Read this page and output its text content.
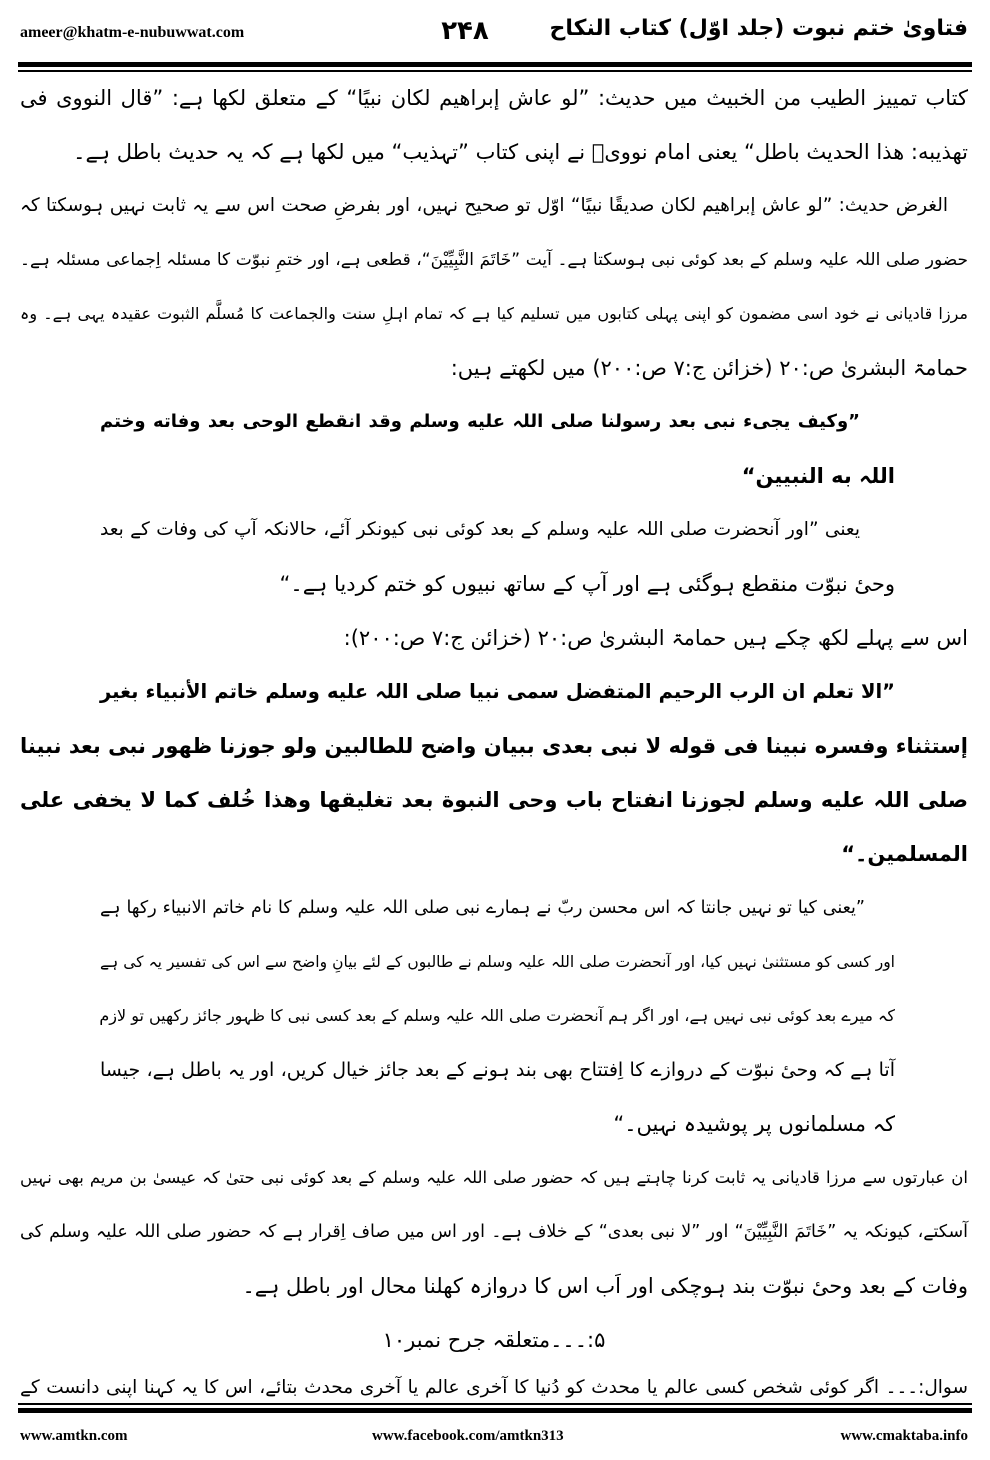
ameer@khatm-e-nubuwwat.com	۲۴۸	فتاویٰ ختم نبوت (جلد اوّل) کتاب النکاح
کتاب تمییز الطیب من الخبیث میں حدیث: ”لو عاش إبراهیم لکان نبیًا“ کے متعلق لکھا ہے: ”قال النووی فی
تهذیبه: هذا الحدیث باطل“ یعنی امام نوویؒ نے اپنی کتاب ”تہذیب“ میں لکھا ہے کہ یہ حدیث باطل ہے۔
الغرض حدیث: ”لو عاش إبراهیم لکان صدیقًا نبیًا“ اوّل تو صحیح نہیں، اور بفرضِ صحت اس سے یہ ثابت نہیں ہوسکتا کہ
حضور صلی اللہ علیہ وسلم کے بعد کوئی نبی ہوسکتا ہے۔ آیت ”خَاتَمَ النَّبِیِّیْنَ“، قطعی ہے، اور ختمِ نبوّت کا مسئلہ اِجماعی مسئلہ ہے۔
مرزا قادیانی نے خود اسی مضمون کو اپنی پہلی کتابوں میں تسلیم کیا ہے کہ تمام اہلِ سنت والجماعت کا مُسلَّم الثبوت عقیدہ یہی ہے۔ وہ
حمامۃ البشریٰ ص:۲۰ (خزائن ج:۷ ص:۲۰۰) میں لکھتے ہیں:
”وکیف یجیء نبی بعد رسولنا صلی اللہ علیه وسلم وقد انقطع الوحی بعد وفاته وختم
اللہ به النبیین“
یعنی ”اور آنحضرت صلی اللہ علیہ وسلم کے بعد کوئی نبی کیونکر آئے، حالانکہ آپ کی وفات کے بعد
وحیٔ نبوّت منقطع ہوگئی ہے اور آپ کے ساتھ نبیوں کو ختم کردیا ہے۔“
اس سے پہلے لکھ چکے ہیں حمامۃ البشریٰ ص:۲۰ (خزائن ج:۷ ص:۲۰۰):
”الا تعلم ان الرب الرحیم المتفضل سمی نبیا صلی اللہ علیه وسلم خاتم الأنبیاء بغیر
إستثناء وفسره نبینا فی قوله لا نبی بعدی ببیان واضح للطالبین ولو جوزنا ظهور نبی بعد نبینا
صلی اللہ علیه وسلم لجوزنا انفتاح باب وحی النبوة بعد تغلیقها وهذا خُلف کما لا یخفی علی
المسلمین۔“
”یعنی کیا تو نہیں جانتا کہ اس محسن ربّ نے ہمارے نبی صلی اللہ علیہ وسلم کا نام خاتم الانبیاء رکھا ہے
اور کسی کو مستثنیٰ نہیں کیا، اور آنحضرت صلی اللہ علیہ وسلم نے طالبوں کے لئے بیانِ واضح سے اس کی تفسیر یہ کی ہے
کہ میرے بعد کوئی نبی نہیں ہے، اور اگر ہم آنحضرت صلی اللہ علیہ وسلم کے بعد کسی نبی کا ظہور جائز رکھیں تو لازم
آتا ہے کہ وحیٔ نبوّت کے دروازے کا اِفتتاح بھی بند ہونے کے بعد جائز خیال کریں، اور یہ باطل ہے، جیسا
کہ مسلمانوں پر پوشیدہ نہیں۔“
ان عبارتوں سے مرزا قادیانی یہ ثابت کرنا چاہتے ہیں کہ حضور صلی اللہ علیہ وسلم کے بعد کوئی نبی حتیٰ کہ عیسیٰ بن مریم بھی نہیں
آسکتے، کیونکہ یہ ”خَاتَمَ النَّبِیِّیْنَ“ اور ”لا نبی بعدی“ کے خلاف ہے۔ اور اس میں صاف اِقرار ہے کہ حضور صلی اللہ علیہ وسلم کی
وفات کے بعد وحیٔ نبوّت بند ہوچکی اور اَب اس کا دروازہ کھلنا محال اور باطل ہے۔
۵:۔۔۔متعلقہ جرح نمبر۱۰
سوال:۔۔۔ اگر کوئی شخص کسی عالم یا محدث کو دُنیا کا آخری عالم یا آخری محدث بتائے، اس کا یہ کہنا اپنی دانست کے
www.amtkn.com	www.facebook.com/amtkn313	www.cmaktaba.info
